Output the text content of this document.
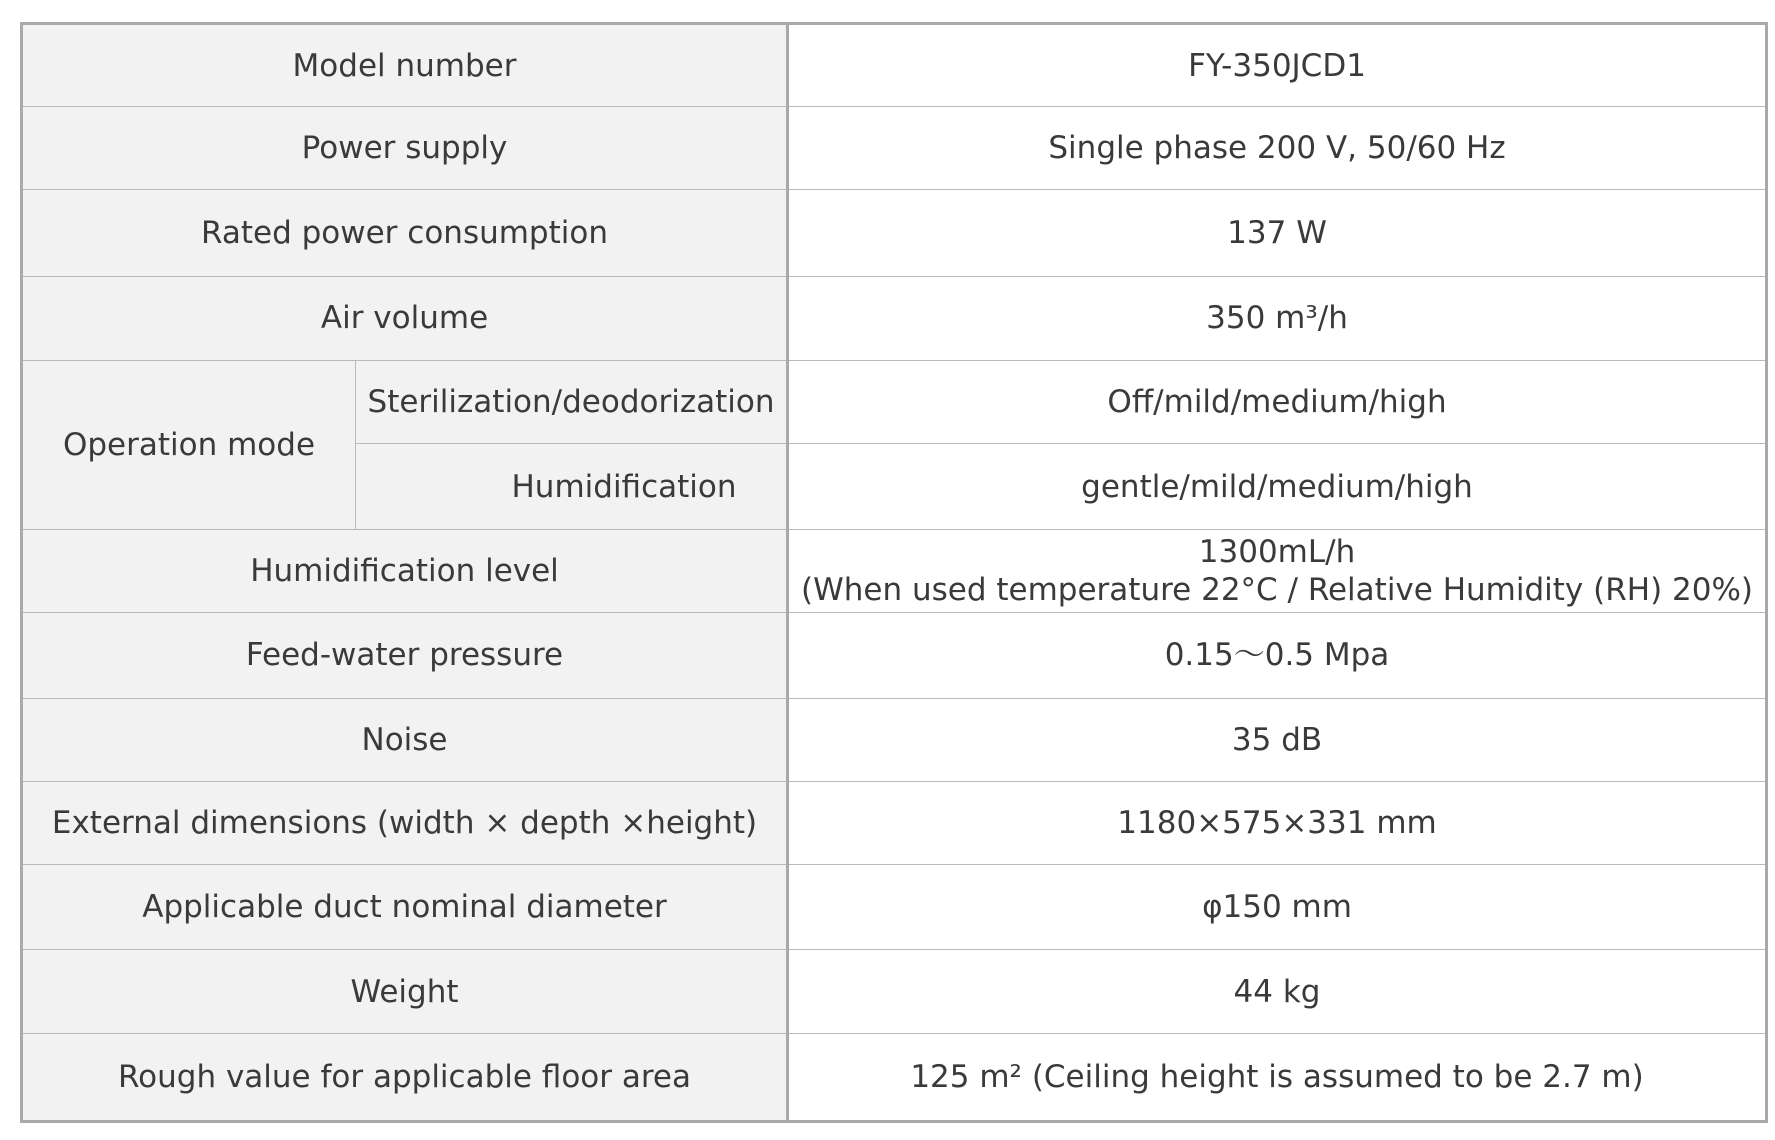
Model number		FY-350JCD1
Power supply		Single phase 200 V, 50/60 Hz
Rated power consumption		137 W
Air volume		350 m³/h
Operation mode	Sterilization/deodorization	Off/mild/medium/high
	Humidification	gentle/mild/medium/high
Humidification level		1300mL/h
(When used temperature 22°C / Relative Humidity (RH) 20%)

Feed-water pressure		0.15〜0.5 Mpa
Noise		35 dB
External dimensions (width × depth ×height)		1180×575×331 mm
Applicable duct nominal diameter		φ150 mm
Weight		44 kg
Rough value for applicable floor area		125 m² (Ceiling height is assumed to be 2.7 m)
